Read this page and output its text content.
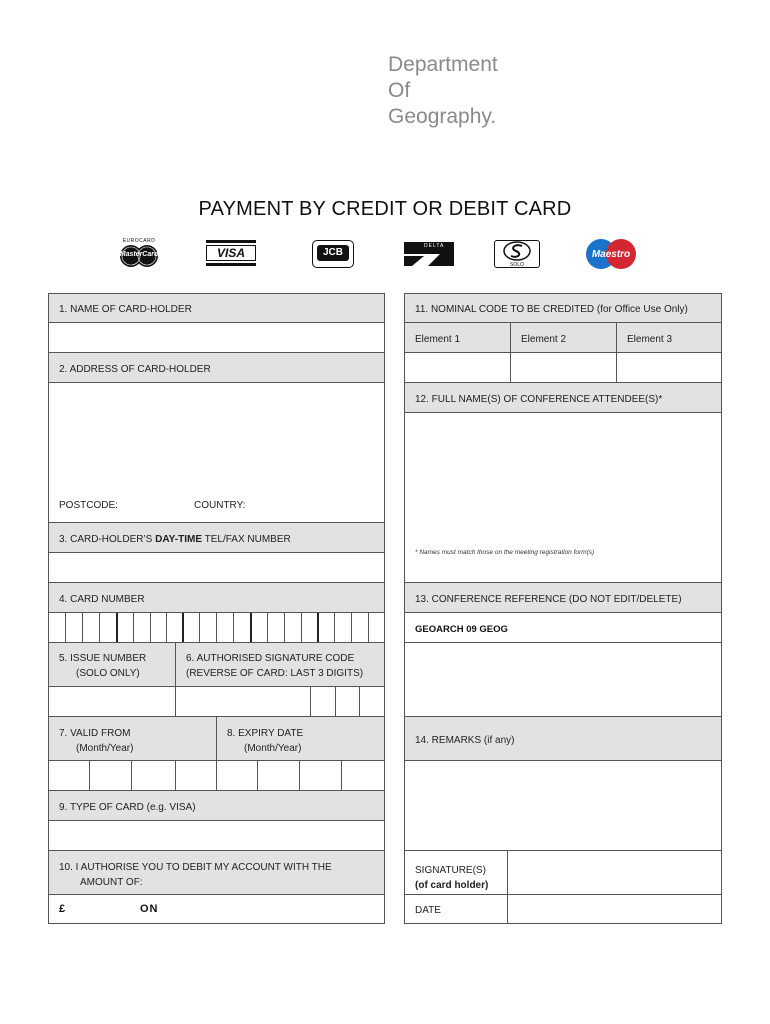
Department
Of
Geography.
PAYMENT BY CREDIT OR DEBIT CARD
EUROCARD
MasterCard	VISA	JCB
DELTA
SOLO
Maestro
1. NAME OF CARD-HOLDER
2. ADDRESS OF CARD-HOLDER
POSTCODE:	COUNTRY:
3. CARD-HOLDER’S DAY-TIME TEL/FAX NUMBER
4. CARD NUMBER
5. ISSUE NUMBER
(SOLO ONLY)
6. AUTHORISED SIGNATURE CODE
(REVERSE OF CARD: LAST 3 DIGITS)
7. VALID FROM
(Month/Year)
8. EXPIRY DATE
(Month/Year)
9. TYPE OF CARD (e.g. VISA)
10. I AUTHORISE YOU TO DEBIT MY ACCOUNT WITH THE
AMOUNT OF:
£	ON
11. NOMINAL CODE TO BE CREDITED (for Office Use Only)
Element 1	Element 2	Element 3
12. FULL NAME(S) OF CONFERENCE ATTENDEE(S)*
* Names must match those on the meeting registration form(s)
13. CONFERENCE REFERENCE (DO NOT EDIT/DELETE)
GEOARCH 09 GEOG
14. REMARKS (if any)
SIGNATURE(S)
(of card holder)
DATE
